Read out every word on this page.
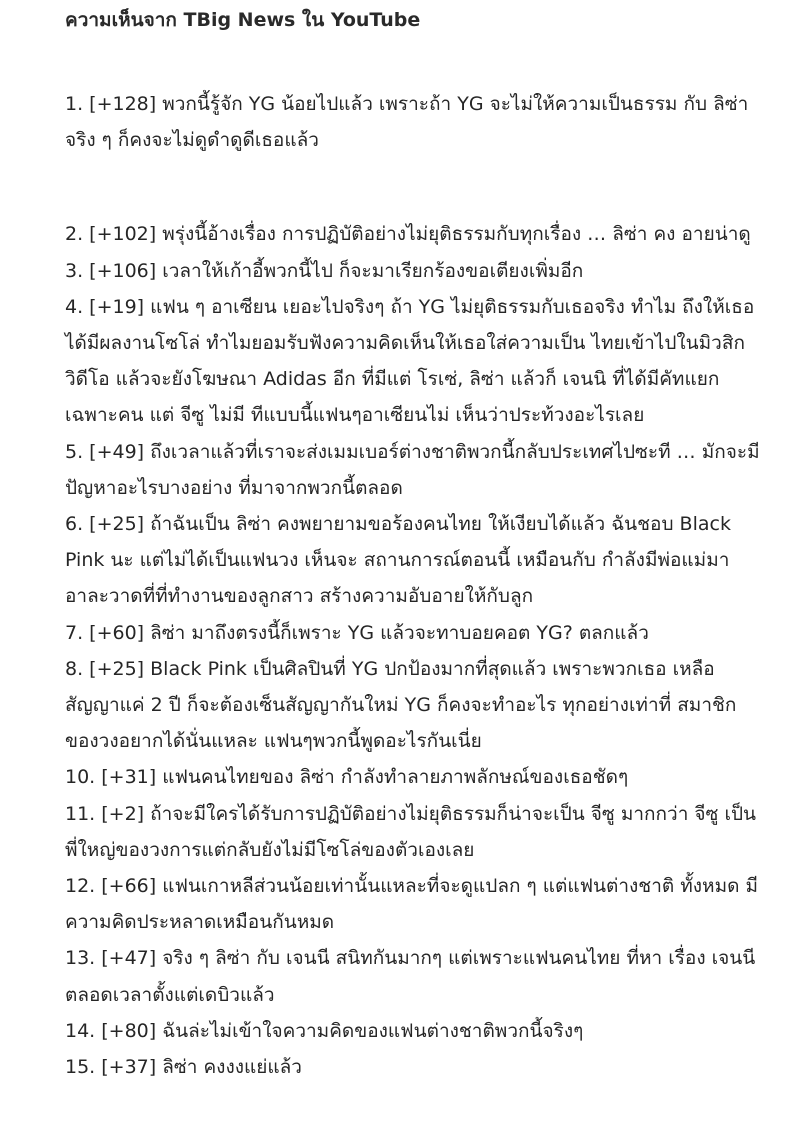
ความเห็นจาก TBig News ใน YouTube

1. [+128] พวกนี้รู้จัก YG น้อยไปแล้ว เพราะถ้า YG จะไม่ให้ความเป็นธรรม กับ ลิซ่า จริง ๆ ก็คงจะไม่ดูดำดูดีเธอแล้ว

2. [+102] พรุ่งนี้อ้างเรื่อง การปฏิบัติอย่างไม่ยุติธรรมกับทุกเรื่อง … ลิซ่า คง อายน่าดู

3. [+106] เวลาให้เก้าอี้พวกนี้ไป ก็จะมาเรียกร้องขอเตียงเพิ่มอีก

4. [+19] แฟน ๆ อาเซียน เยอะไปจริงๆ ถ้า YG ไม่ยุติธรรมกับเธอจริง ทำไม ถึงให้เธอได้มีผลงานโซโล่ ทำไมยอมรับฟังความคิดเห็นให้เธอใส่ความเป็น ไทยเข้าไปในมิวสิกวิดีโอ แล้วจะยังโฆษณา Adidas อีก ที่มีแต่ โรเซ่, ลิซ่า แล้วก็ เจนนิ ที่ได้มีคัทแยกเฉพาะคน แต่ จีซู ไม่มี ทีแบบนี้แฟนๆอาเซียนไม่ เห็นว่าประท้วงอะไรเลย

5. [+49] ถึงเวลาแล้วที่เราจะส่งเมมเบอร์ต่างชาติพวกนี้กลับประเทศไปซะที … มักจะมีปัญหาอะไรบางอย่าง ที่มาจากพวกนี้ตลอด

6. [+25] ถ้าฉันเป็น ลิซ่า คงพยายามขอร้องคนไทย ให้เงียบได้แล้ว ฉันชอบ Black Pink นะ แต่ไม่ได้เป็นแฟนวง เห็นจะ สถานการณ์ตอนนี้ เหมือนกับ กำลังมีพ่อแม่มาอาละวาดที่ที่ทำงานของลูกสาว สร้างความอับอายให้กับลูก

7. [+60] ลิซ่า มาถึงตรงนี้ก็เพราะ YG แล้วจะทาบอยคอต YG? ตลกแล้ว

8. [+25] Black Pink เป็นศิลปินที่ YG ปกป้องมากที่สุดแล้ว เพราะพวกเธอ เหลือสัญญาแค่ 2 ปี ก็จะต้องเซ็นสัญญากันใหม่ YG ก็คงจะทำอะไร ทุกอย่างเท่าที่ สมาชิกของวงอยากได้นั่นแหละ แฟนๆพวกนี้พูดอะไรกันเนี่ย

10. [+31] แฟนคนไทยของ ลิซ่า กำลังทำลายภาพลักษณ์ของเธอชัดๆ

11. [+2] ถ้าจะมีใครได้รับการปฏิบัติอย่างไม่ยุติธรรมก็น่าจะเป็น จีซู มากกว่า จีซู เป็นพี่ใหญ่ของวงการแต่กลับยังไม่มีโซโล่ของตัวเองเลย

12. [+66] แฟนเกาหลีส่วนน้อยเท่านั้นแหละที่จะดูแปลก ๆ แต่แฟนต่างชาติ ทั้งหมด มีความคิดประหลาดเหมือนกันหมด

13. [+47] จริง ๆ ลิซ่า กับ เจนนี สนิทกันมากๆ แต่เพราะแฟนคนไทย ที่หา เรื่อง เจนนี ตลอดเวลาตั้งแต่เดบิวแล้ว

14. [+80] ฉันล่ะไม่เข้าใจความคิดของแฟนต่างชาติพวกนี้จริงๆ

15. [+37] ลิซ่า คงงงแย่แล้ว
